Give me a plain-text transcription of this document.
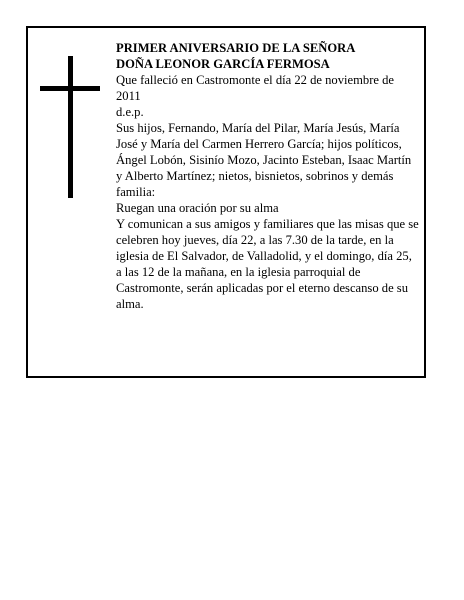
PRIMER ANIVERSARIO DE LA SEÑORA

DOÑA LEONOR GARCÍA FERMOSA

Que falleció en Castromonte el día 22 de noviembre de 2011

d.e.p.

Sus hijos, Fernando, María del Pilar, María Jesús, María José y María del Carmen Herrero García; hijos políticos, Ángel Lobón, Sisinío Mozo, Jacinto Esteban, Isaac Martín y Alberto Martínez; nietos, bisnietos, sobrinos y demás familia:

Ruegan una oración por su alma

Y comunican a sus amigos y familiares que las misas que se celebren hoy jueves, día 22, a las 7.30 de la tarde, en la iglesia de El Salvador, de Valladolid, y el domingo, día 25, a las 12 de la mañana, en la iglesia parroquial de Castromonte, serán aplicadas por el eterno descanso de su alma.
